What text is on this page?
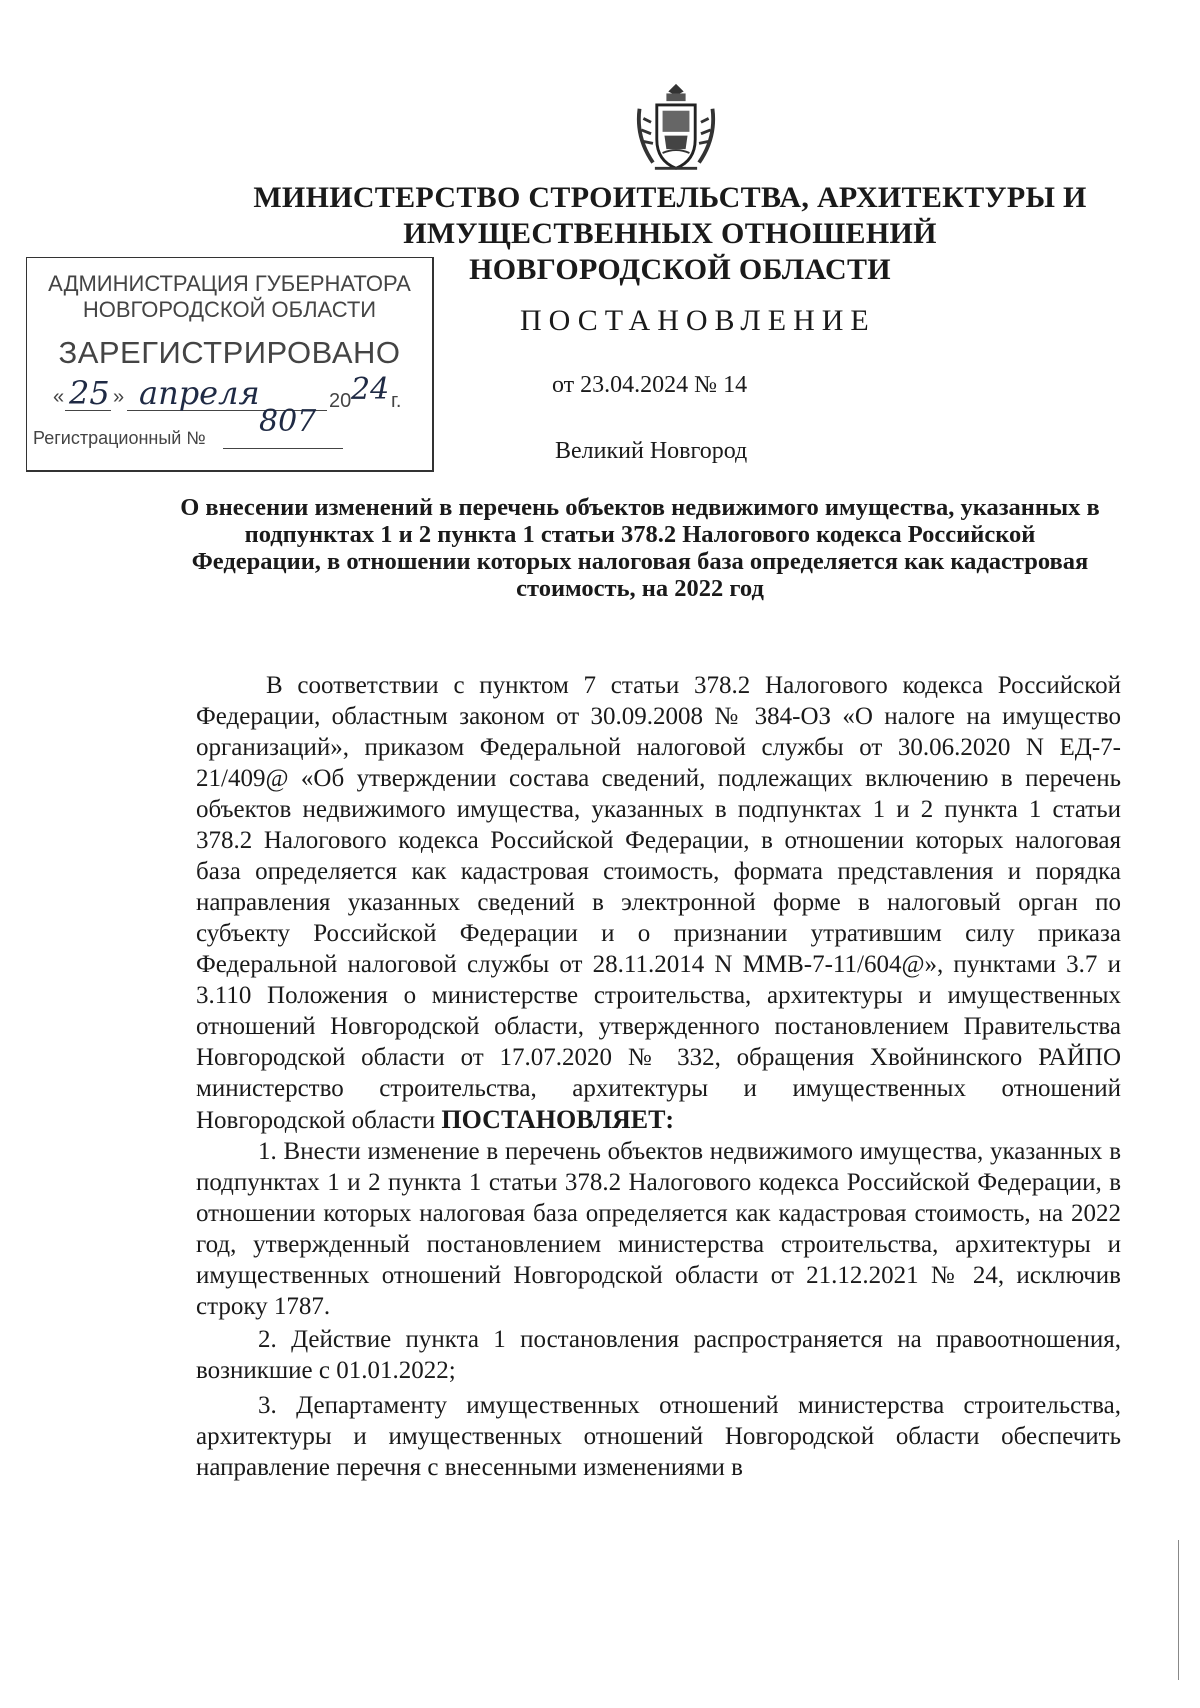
МИНИСТЕРСТВО СТРОИТЕЛЬСТВА, АРХИТЕКТУРЫ И
ИМУЩЕСТВЕННЫХ ОТНОШЕНИЙ
НОВГОРОДСКОЙ ОБЛАСТИ
АДМИНИСТРАЦИЯ ГУБЕРНАТОРА
НОВГОРОДСКОЙ ОБЛАСТИ
ЗАРЕГИСТРИРОВАНО
« 25 » апреля	20 24 г.
Регистрационный № 807
ПОСТАНОВЛЕНИЕ
от 23.04.2024 № 14
Великий Новгород
О внесении изменений в перечень объектов недвижимого имущества, указанных в подпунктах 1 и 2 пункта 1 статьи 378.2 Налогового кодекса Российской Федерации, в отношении которых налоговая база определяется как кадастровая стоимость, на 2022 год

В соответствии с пунктом 7 статьи 378.2 Налогового кодекса Российской Федерации, областным законом от 30.09.2008 № 384-ОЗ «О налоге на имущество организаций», приказом Федеральной налоговой службы от 30.06.2020 N ЕД-7-21/409@ «Об утверждении состава сведений, подлежащих включению в перечень объектов недвижимого имущества, указанных в подпунктах 1 и 2 пункта 1 статьи 378.2 Налогового кодекса Российской Федерации, в отношении которых налоговая база определяется как кадастровая стоимость, формата представления и порядка направления указанных сведений в электронной форме в налоговый орган по субъекту Российской Федерации и о признании утратившим силу приказа Федеральной налоговой службы от 28.11.2014 N ММВ-7-11/604@», пунктами 3.7 и 3.110 Положения о министерстве строительства, архитектуры и имущественных отношений Новгородской области, утвержденного постановлением Правительства Новгородской области от 17.07.2020 № 332, обращения Хвойнинского РАЙПО министерство строительства, архитектуры и имущественных отношений Новгородской области ПОСТАНОВЛЯЕТ:

1. Внести изменение в перечень объектов недвижимого имущества, указанных в подпунктах 1 и 2 пункта 1 статьи 378.2 Налогового кодекса Российской Федерации, в отношении которых налоговая база определяется как кадастровая стоимость, на 2022 год, утвержденный постановлением министерства строительства, архитектуры и имущественных отношений Новгородской области от 21.12.2021 № 24, исключив строку 1787.

2. Действие пункта 1 постановления распространяется на правоотношения, возникшие с 01.01.2022;

3. Департаменту имущественных отношений министерства строительства, архитектуры и имущественных отношений Новгородской области обеспечить направление перечня с внесенными изменениями в
